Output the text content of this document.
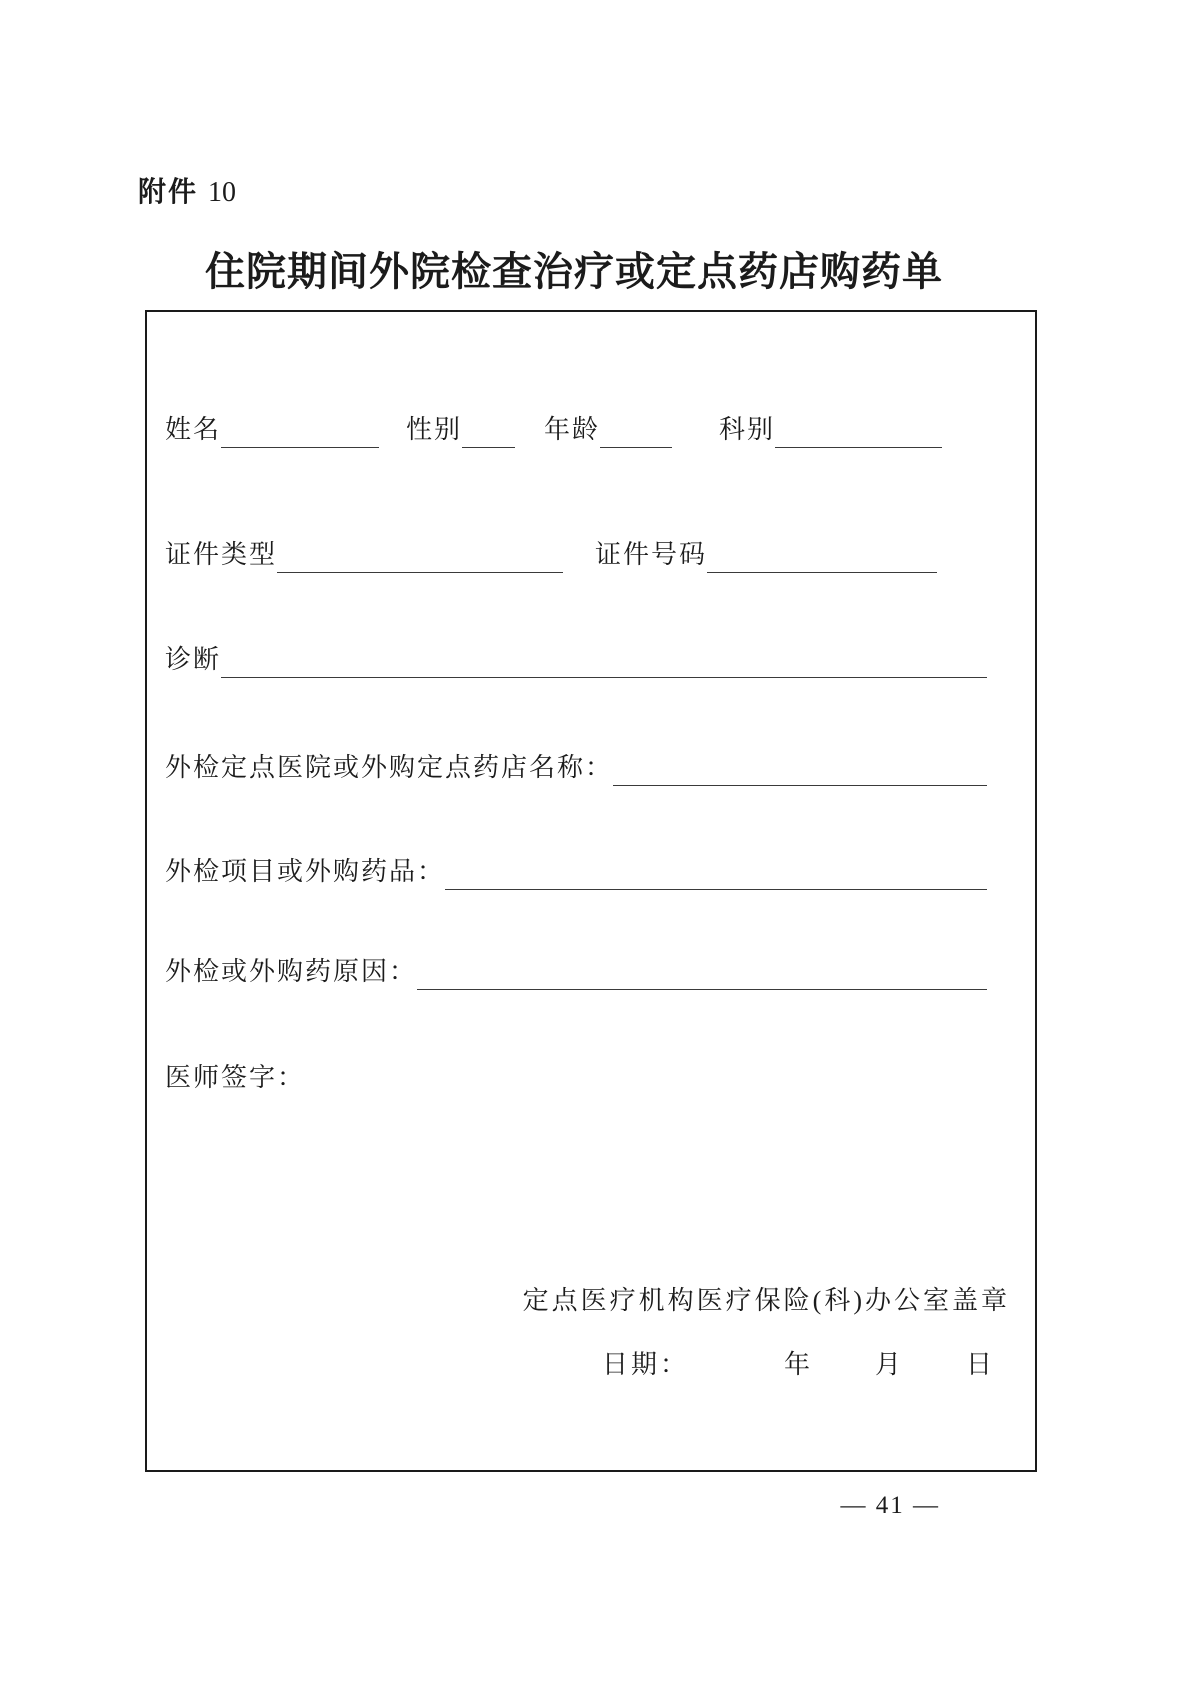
附件 10
住院期间外院检查治疗或定点药店购药单
姓名	性别	年龄	科别
证件类型	证件号码
诊断
外检定点医院或外购定点药店名称：
外检项目或外购药品：
外检或外购药原因：
医师签字：
定点医疗机构医疗保险(科)办公室盖章
日期：	年 月 日
— 41 —
